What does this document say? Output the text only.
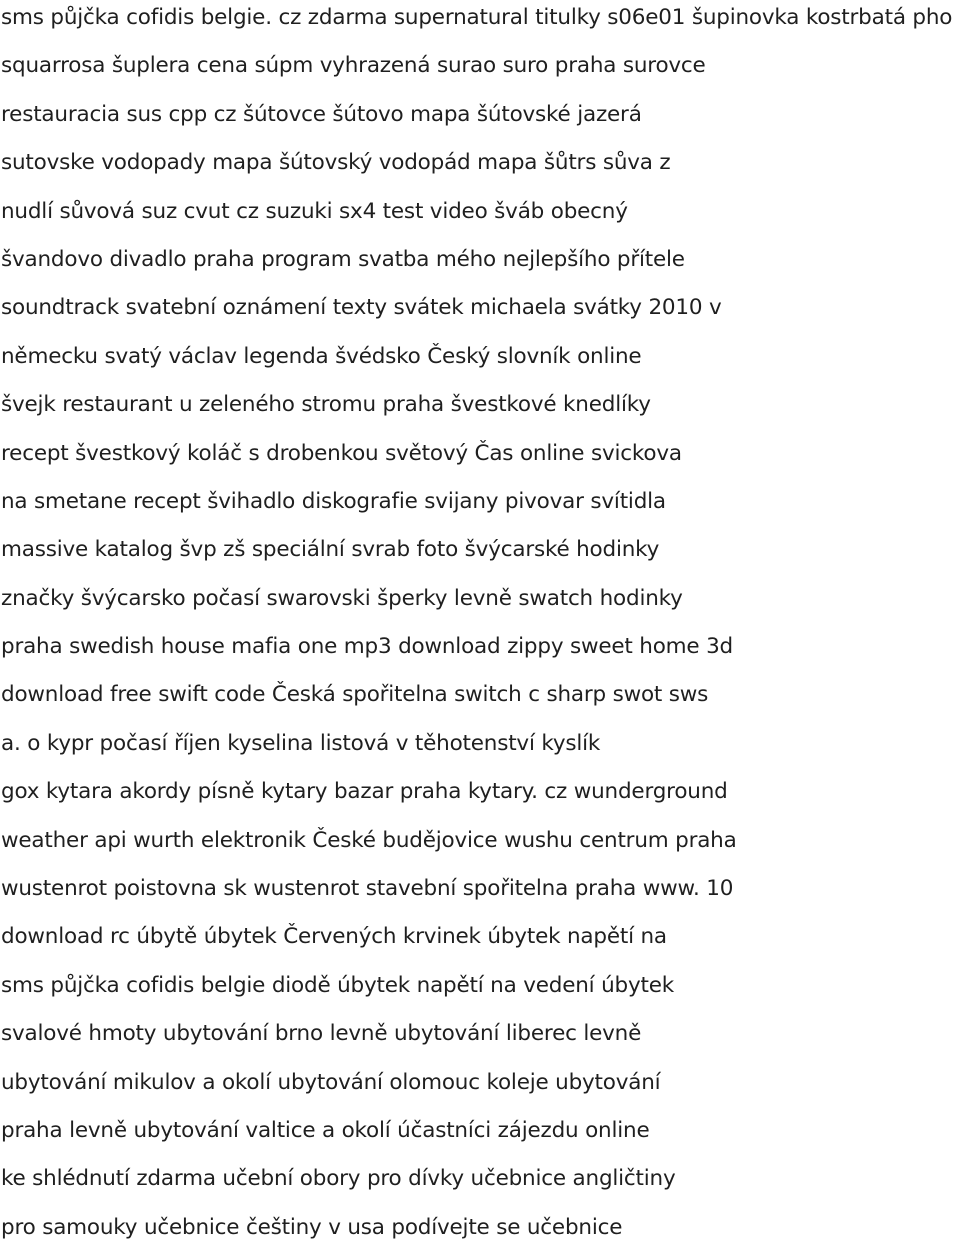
sms půjčka cofidis belgie. cz zdarma supernatural titulky s06e01 šupinovka kostrbatá pho
squarrosa šuplera cena súpm vyhrazená surao suro praha surovce
restauracia sus cpp cz šútovce šútovo mapa šútovské jazerá
sutovske vodopady mapa šútovský vodopád mapa šůtrs sůva z
nudlí sůvová suz cvut cz suzuki sx4 test video šváb obecný
švandovo divadlo praha program svatba mého nejlepšího přítele
soundtrack svatební oznámení texty svátek michaela svátky 2010 v
německu svatý václav legenda švédsko Český slovník online
švejk restaurant u zeleného stromu praha švestkové knedlíky
recept švestkový koláč s drobenkou světový Čas online svickova
na smetane recept švihadlo diskografie svijany pivovar svítidla
massive katalog švp zš speciální svrab foto švýcarské hodinky
značky švýcarsko počasí swarovski šperky levně swatch hodinky
praha swedish house mafia one mp3 download zippy sweet home 3d
download free swift code Česká spořitelna switch c sharp swot sws
a. o kypr počasí říjen kyselina listová v těhotenství kyslík
gox kytara akordy písně kytary bazar praha kytary. cz wunderground
weather api wurth elektronik České budějovice wushu centrum praha
wustenrot poistovna sk wustenrot stavební spořitelna praha www. 10
download rc úbytě úbytek Červených krvinek úbytek napětí na
sms půjčka cofidis belgie diodě úbytek napětí na vedení úbytek
svalové hmoty ubytování brno levně ubytování liberec levně
ubytování mikulov a okolí ubytování olomouc koleje ubytování
praha levně ubytování valtice a okolí účastníci zájezdu online
ke shlédnutí zdarma učební obory pro dívky učebnice angličtiny
pro samouky učebnice češtiny v usa podívejte se učebnice
